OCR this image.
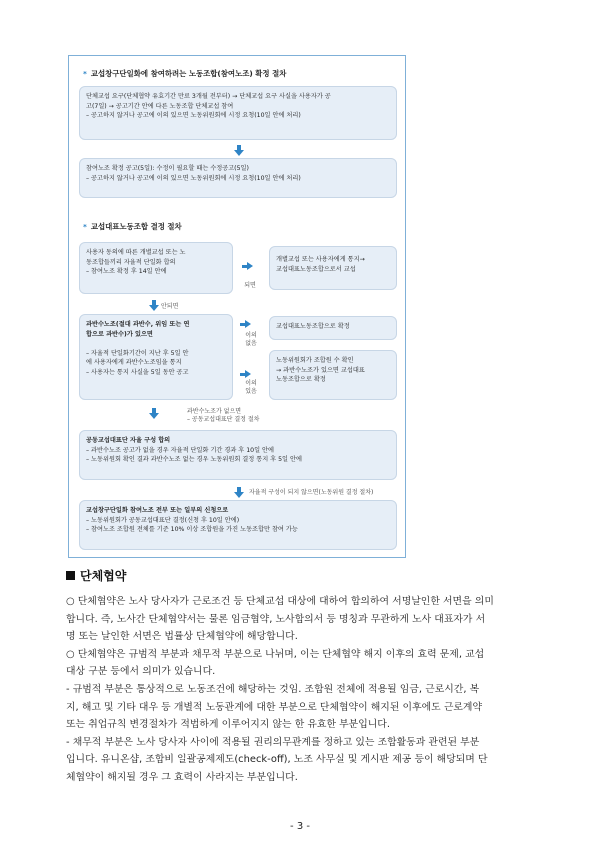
* 교섭창구단일화에 참여하려는 노동조합(참여노조) 확정 절차
단체교섭 요구(단체협약 유효기간 만료 3개월 전부터) → 단체교섭 요구 사실을 사용자가 공
고(7일) → 공고기간 안에 다른 노동조합 단체교섭 참여
– 공고하지 않거나 공고에 이의 있으면 노동위원회에 시정 요청(10일 안에 처리)
참여노조 확정 공고(5일): 수정이 필요할 때는 수정공고(5일)
– 공고하지 않거나 공고에 이의 있으면 노동위원회에 시정 요청(10일 안에 처리)
* 교섭대표노동조합 결정 절차
사용자 동의에 따른 개별교섭 또는 노
동조합들끼리 자율적 단일화 합의
– 참여노조 확정 후 14일 안에
되면
개별교섭 또는 사용자에게 통지→
교섭대표노동조합으로서 교섭
안되면
과반수노조(절대 과반수, 위임 또는 연
합으로 과반수)가 있으면

– 자율적 단일화기간이 지난 후 5일 안
에 사용자에게 과반수노조임을 통지
– 사용자는 통지 사실을 5일 동안 공고
이의
없음
교섭대표노동조합으로 확정
이의
있음
노동위원회가 조합원 수 확인
→ 과반수노조가 있으면 교섭대표
노동조합으로 확정
과반수노조가 없으면
– 공동교섭대표단 결정 절차
공동교섭대표단 자율 구성 합의
– 과반수노조 공고가 없을 경우 자율적 단일화 기간 경과 후 10일 안에
– 노동위원회 확인 결과 과반수노조 없는 경우 노동위원회 결정 통지 후 5일 안에
자율적 구성이 되지 않으면(노동위원 결정 절차)
교섭창구단일화 참여노조 전부 또는 일부의 신청으로
– 노동위원회가 공동교섭대표단 결정(신청 후 10일 안에)
– 참여노조 조합원 전체를 기준 10% 이상 조합원을 가진 노동조합만 참여 가능
단체협약
○ 단체협약은 노사 당사자가 근로조건 등 단체교섭 대상에 대하여 합의하여 서명날인한 서면을 의미
합니다. 즉, 노사간 단체협약서는 물론 임금협약, 노사합의서 등 명칭과 무관하게 노사 대표자가 서
명 또는 날인한 서면은 법률상 단체협약에 해당합니다.
○ 단체협약은 규범적 부분과 채무적 부분으로 나뉘며, 이는 단체협약 해지 이후의 효력 문제, 교섭
대상 구분 등에서 의미가 있습니다.
- 규범적 부분은 통상적으로 노동조건에 해당하는 것임. 조합원 전체에 적용될 임금, 근로시간, 복
지, 해고 및 기타 대우 등 개별적 노동관계에 대한 부분으로 단체협약이 해지된 이후에도 근로계약
또는 취업규칙 변경절차가 적법하게 이루어지지 않는 한 유효한 부분입니다.
- 채무적 부분은 노사 당사자 사이에 적용될 권리의무관계를 정하고 있는 조합활동과 관련된 부분
입니다. 유니온샵, 조합비 일괄공제제도(check-off), 노조 사무실 및 게시판 제공 등이 해당되며 단
체협약이 해지될 경우 그 효력이 사라지는 부분입니다.
- 3 -
